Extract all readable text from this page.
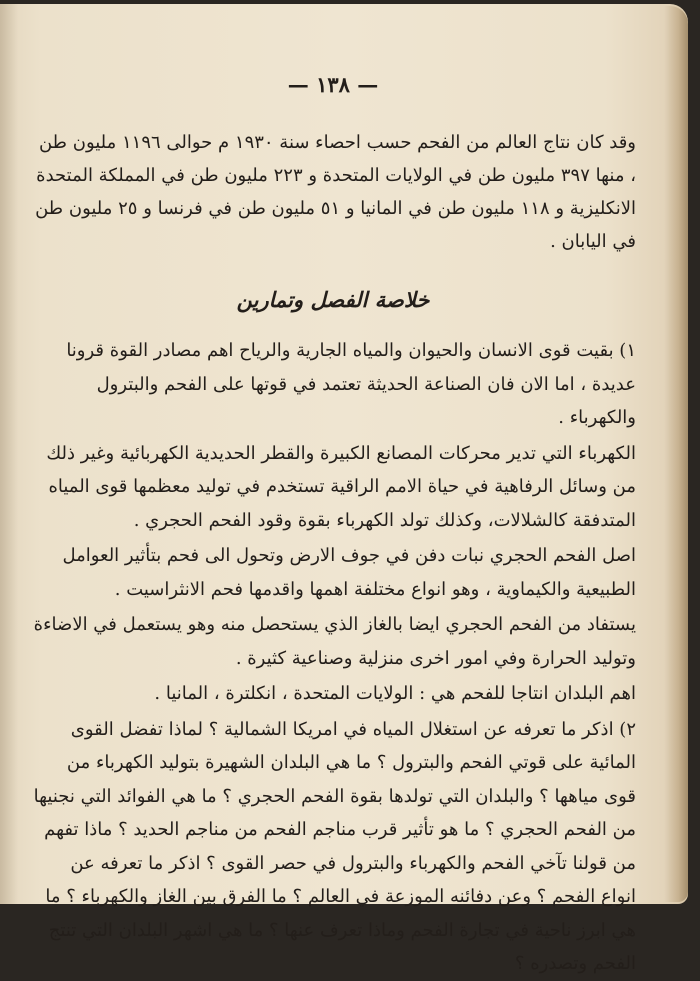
— ١٣٨ —

وقد كان نتاج العالم من الفحم حسب احصاء سنة ١٩٣٠ م حوالى ١١٩٦ مليون طن ، منها ٣٩٧ مليون طن في الولايات المتحدة و ٢٢٣ مليون طن في المملكة المتحدة الانكليزية و ١١٨ مليون طن في المانيا و ٥١ مليون طن في فرنسا و ٢٥ مليون طن في اليابان .

خلاصة الفصل وتمارين

١) بقيت قوى الانسان والحيوان والمياه الجارية والرياح اهم مصادر القوة قرونا عديدة ، اما الان فان الصناعة الحديثة تعتمد في قوتها على الفحم والبترول والكهرباء .

الكهرباء التي تدير محركات المصانع الكبيرة والقطر الحديدية الكهربائية وغير ذلك من وسائل الرفاهية في حياة الامم الراقية تستخدم في توليد معظمها قوى المياه المتدفقة كالشلالات، وكذلك تولد الكهرباء بقوة وقود الفحم الحجري .

اصل الفحم الحجري نبات دفن في جوف الارض وتحول الى فحم بتأثير العوامل الطبيعية والكيماوية ، وهو انواع مختلفة اهمها واقدمها فحم الانثراسيت .

يستفاد من الفحم الحجري ايضا بالغاز الذي يستحصل منه وهو يستعمل في الاضاءة وتوليد الحرارة وفي امور اخرى منزلية وصناعية كثيرة .

اهم البلدان انتاجا للفحم هي : الولايات المتحدة ، انكلترة ، المانيا .

٢) اذكر ما تعرفه عن استغلال المياه في امريكا الشمالية ؟ لماذا تفضل القوى المائية على قوتي الفحم والبترول ؟ ما هي البلدان الشهيرة بتوليد الكهرباء من قوى مياهها ؟ والبلدان التي تولدها بقوة الفحم الحجري ؟ ما هي الفوائد التي نجنيها من الفحم الحجري ؟ ما هو تأثير قرب مناجم الفحم من مناجم الحديد ؟ ماذا تفهم من قولنا تآخي الفحم والكهرباء والبترول في حصر القوى ؟ اذكر ما تعرفه عن انواع الفحم ؟ وعن دفائنه الموزعة في العالم ؟ ما الفرق بين الغاز والكهرباء ؟ ما هي ابرز ناحية في تجارة الفحم وماذا تعرف عنها ؟ ما هي اشهر البلدان التي تنتج الفحم وتصدره ؟
